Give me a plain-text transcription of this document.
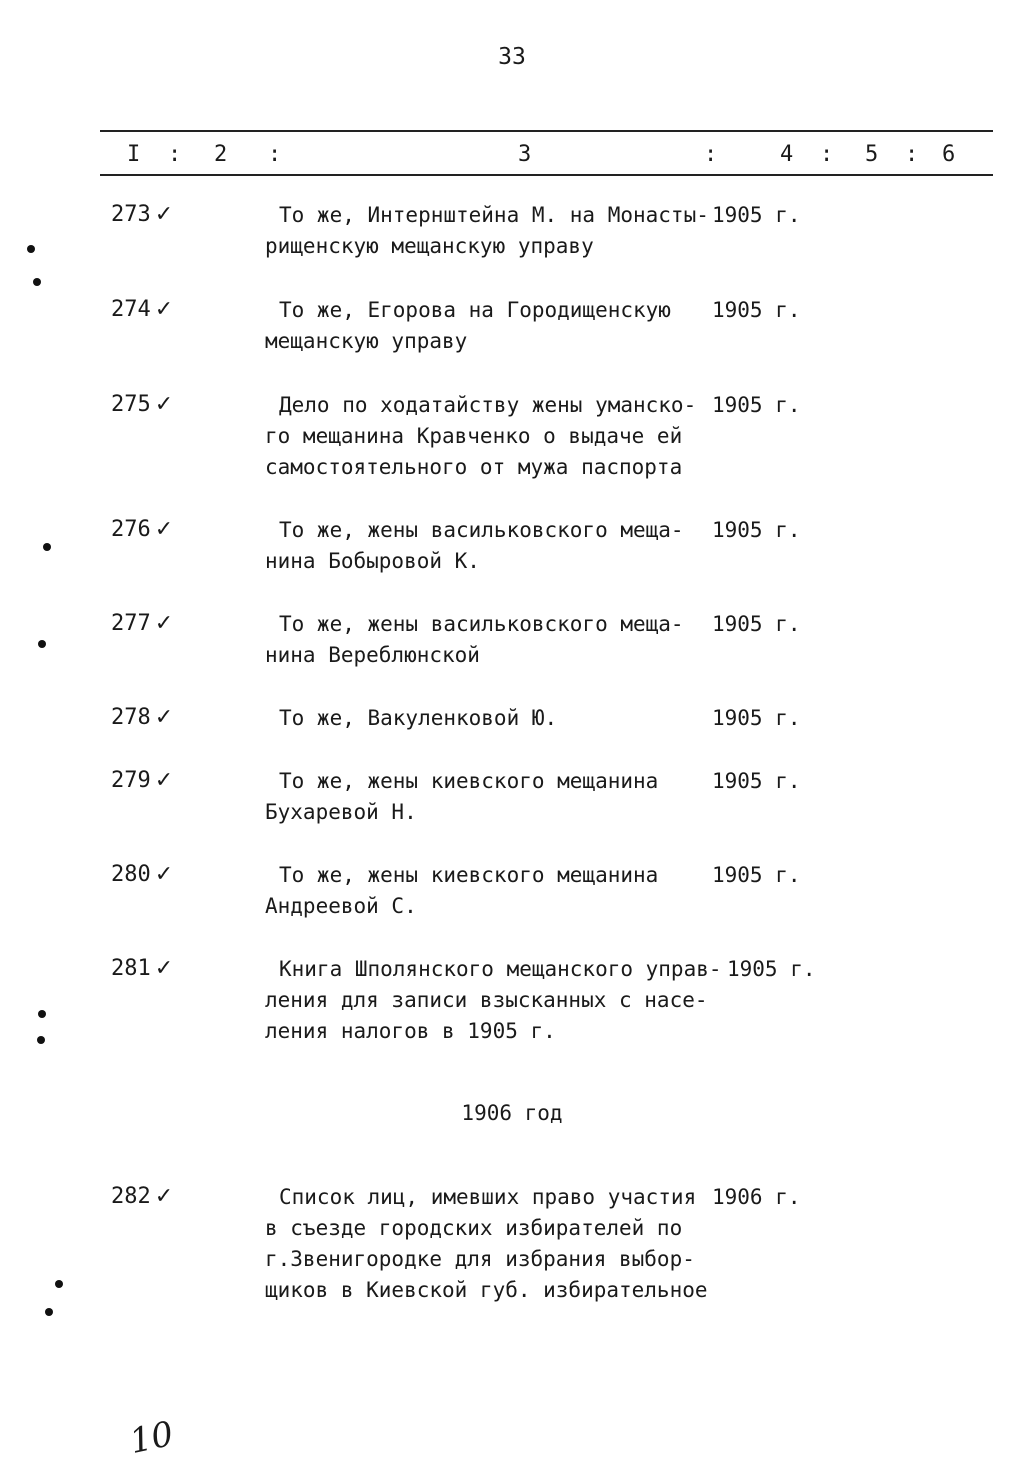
33
I : 2 :	3	:	4 : 5 : 6
273 ✓	То же, Интернштейна М. на Монасты-
рищенскую мещанскую управу
1905 г.
274 ✓	То же, Егорова на Городищенскую
мещанскую управу
1905 г.
275 ✓	Дело по ходатайству жены уманско-
го мещанина Кравченко о выдаче ей
самостоятельного от мужа паспорта
1905 г.
276 ✓	То же, жены васильковского меща-
нина Бобыровой К.
1905 г.
277 ✓	То же, жены васильковского меща-
нина Вереблюнской
1905 г.
278 ✓	То же, Вакуленковой Ю.	1905 г.
279 ✓	То же, жены киевского мещанина
Бухаревой Н.
1905 г.
280 ✓	То же, жены киевского мещанина
Андреевой С.
1905 г.
281 ✓	Книга Шполянского мещанского управ-
ления для записи взысканных с насе-
ления налогов в 1905 г.
1905 г.
1906 год
282 ✓	Список лиц, имевших право участия
в съезде городских избирателей по
г.Звенигородке для избрания выбор-
щиков в Киевской губ. избирательное
1906 г.
10
